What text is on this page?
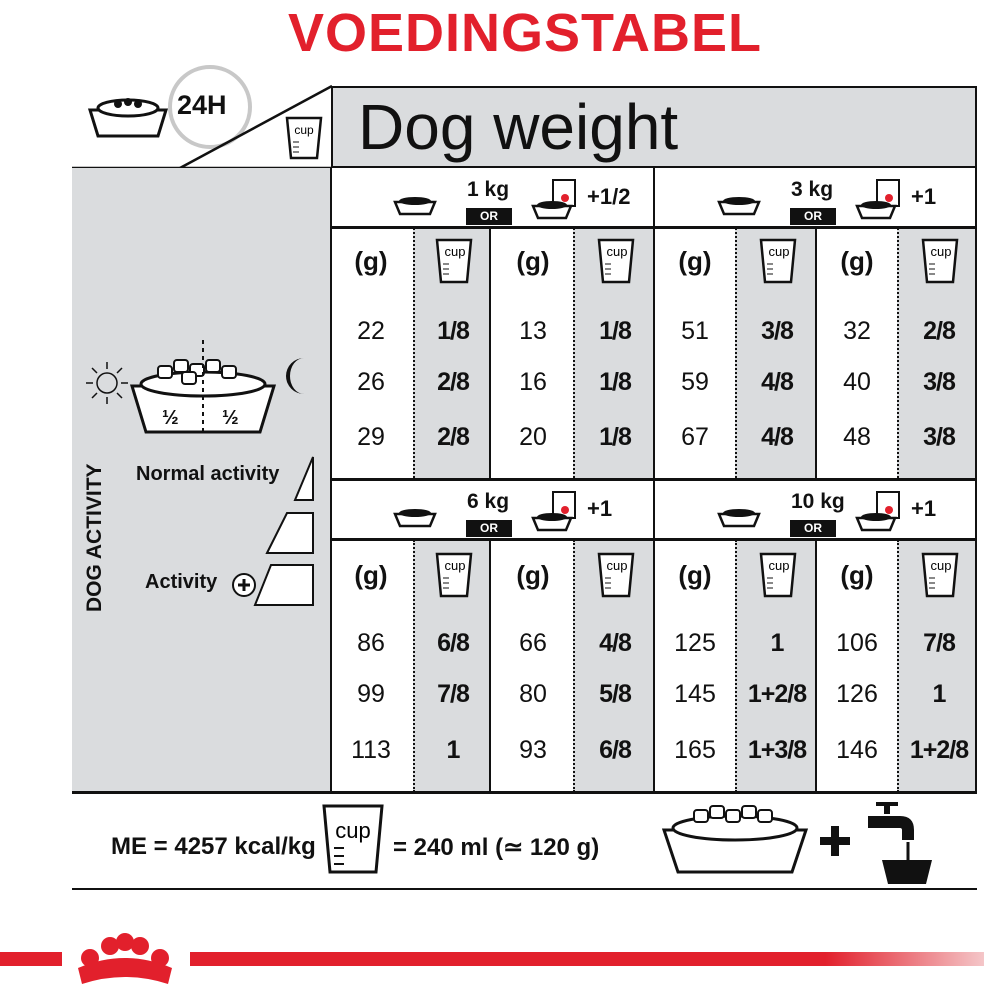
VOEDINGSTABEL
24H
cup Dog weight
DOG ACTIVITY
½ ½
Normal activity
Activity
1 kg
OR
+1/2
(g)	cup	(g)	cup
22	1/8	13	1/8
26	2/8	16	1/8
29	2/8	20	1/8
3 kg
OR
+1
(g)	cup	(g)	cup
51	3/8	32	2/8
59	4/8	40	3/8
67	4/8	48	3/8
6 kg
OR
+1
(g)	cup	(g)	cup
86	6/8	66	4/8
99	7/8	80	5/8
113	1	93	6/8
10 kg
OR
+1
(g)	cup	(g)	cup
125	1	106	7/8
145	1+2/8	126	1
165	1+3/8	146	1+2/8
ME = 4257 kcal/kg
cup
= 240 ml (≃ 120 g)
